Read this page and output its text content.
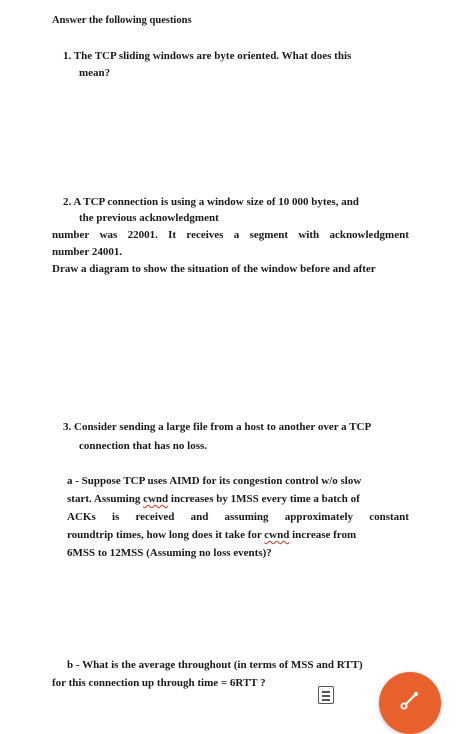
Answer the following questions
1. The TCP sliding windows are byte oriented. What does this
mean?
2. A TCP connection is using a window size of 10 000 bytes, and
the previous acknowledgment
number was 22001. It receives a segment with acknowledgment
number 24001.
Draw a diagram to show the situation of the window before and after
3. Consider sending a large file from a host to another over a TCP
connection that has no loss.
a - Suppose TCP uses AIMD for its congestion control w/o slow
start. Assuming cwnd increases by 1MSS every time a batch of
ACKs is received and assuming approximately constant
roundtrip times, how long does it take for cwnd increase from
6MSS to 12MSS (Assuming no loss events)?
b - What is the average throughout (in terms of MSS and RTT)
for this connection up through time = 6RTT ?
